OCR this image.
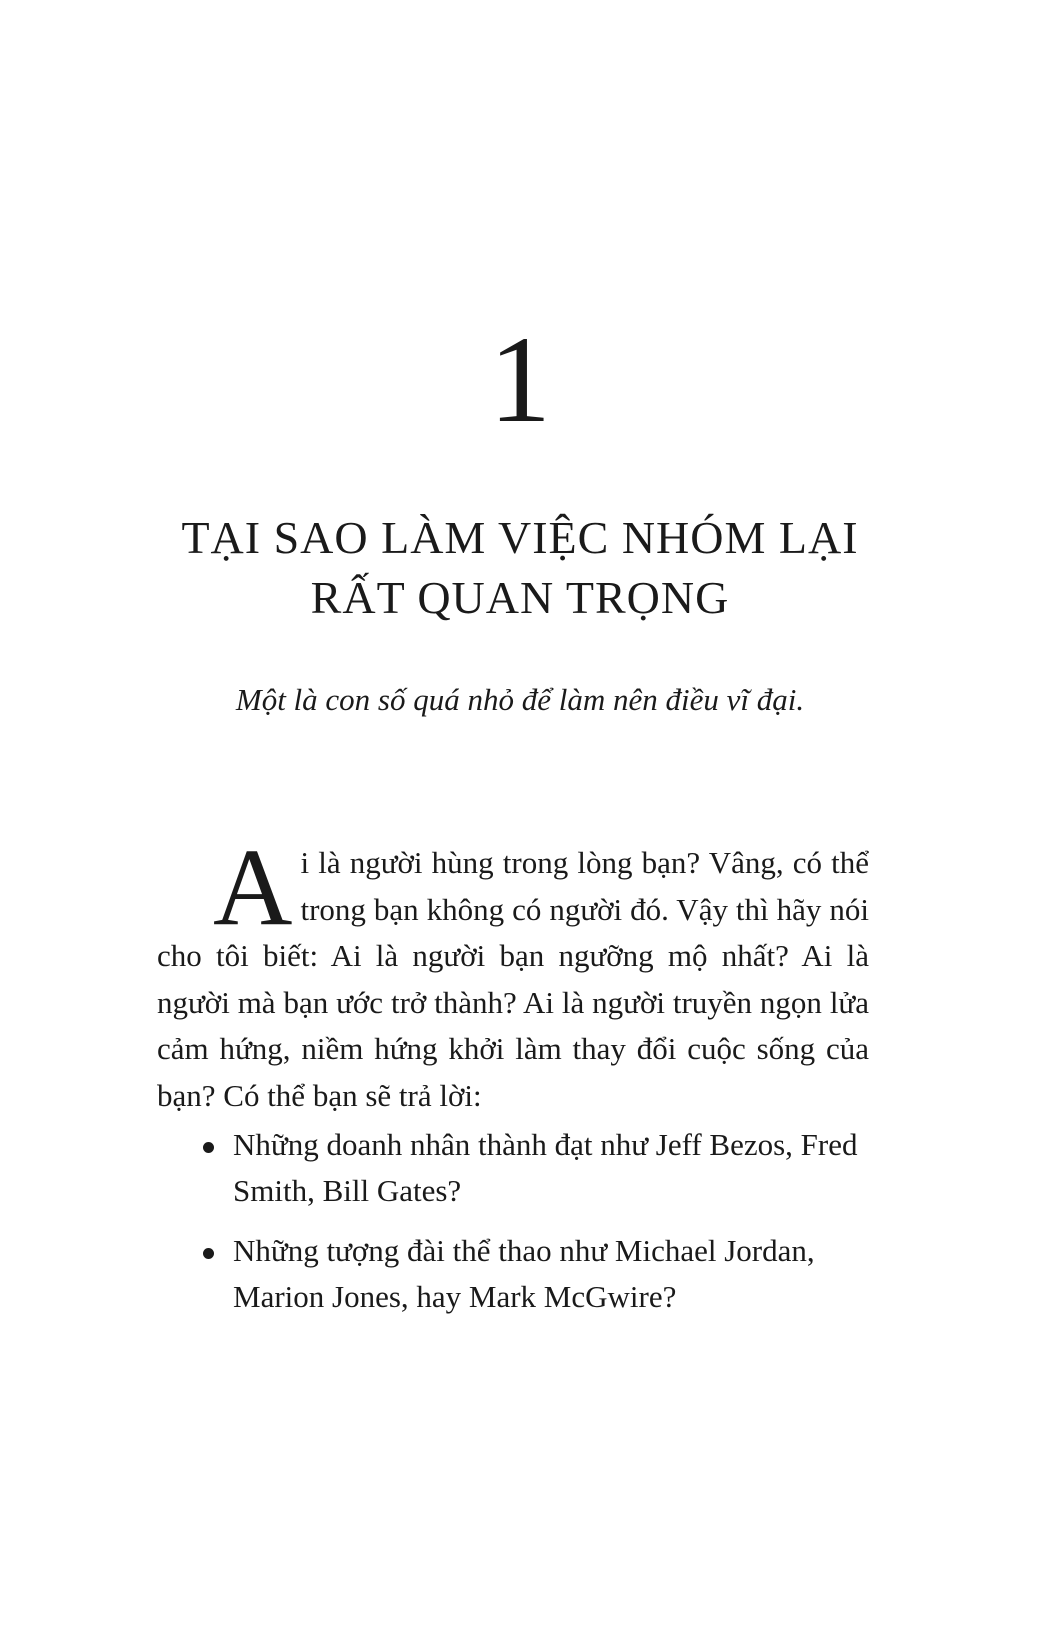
1
TẠI SAO LÀM VIỆC NHÓM LẠI
RẤT QUAN TRỌNG
Một là con số quá nhỏ để làm nên điều vĩ đại.

Ai là người hùng trong lòng bạn? Vâng, có thể trong bạn không có người đó. Vậy thì hãy nói cho tôi biết: Ai là người bạn ngưỡng mộ nhất? Ai là người mà bạn ước trở thành? Ai là người truyền ngọn lửa cảm hứng, niềm hứng khởi làm thay đổi cuộc sống của bạn? Có thể bạn sẽ trả lời:

Những doanh nhân thành đạt như Jeff Bezos, Fred Smith, Bill Gates?
Những tượng đài thể thao như Michael Jordan, Marion Jones, hay Mark McGwire?
